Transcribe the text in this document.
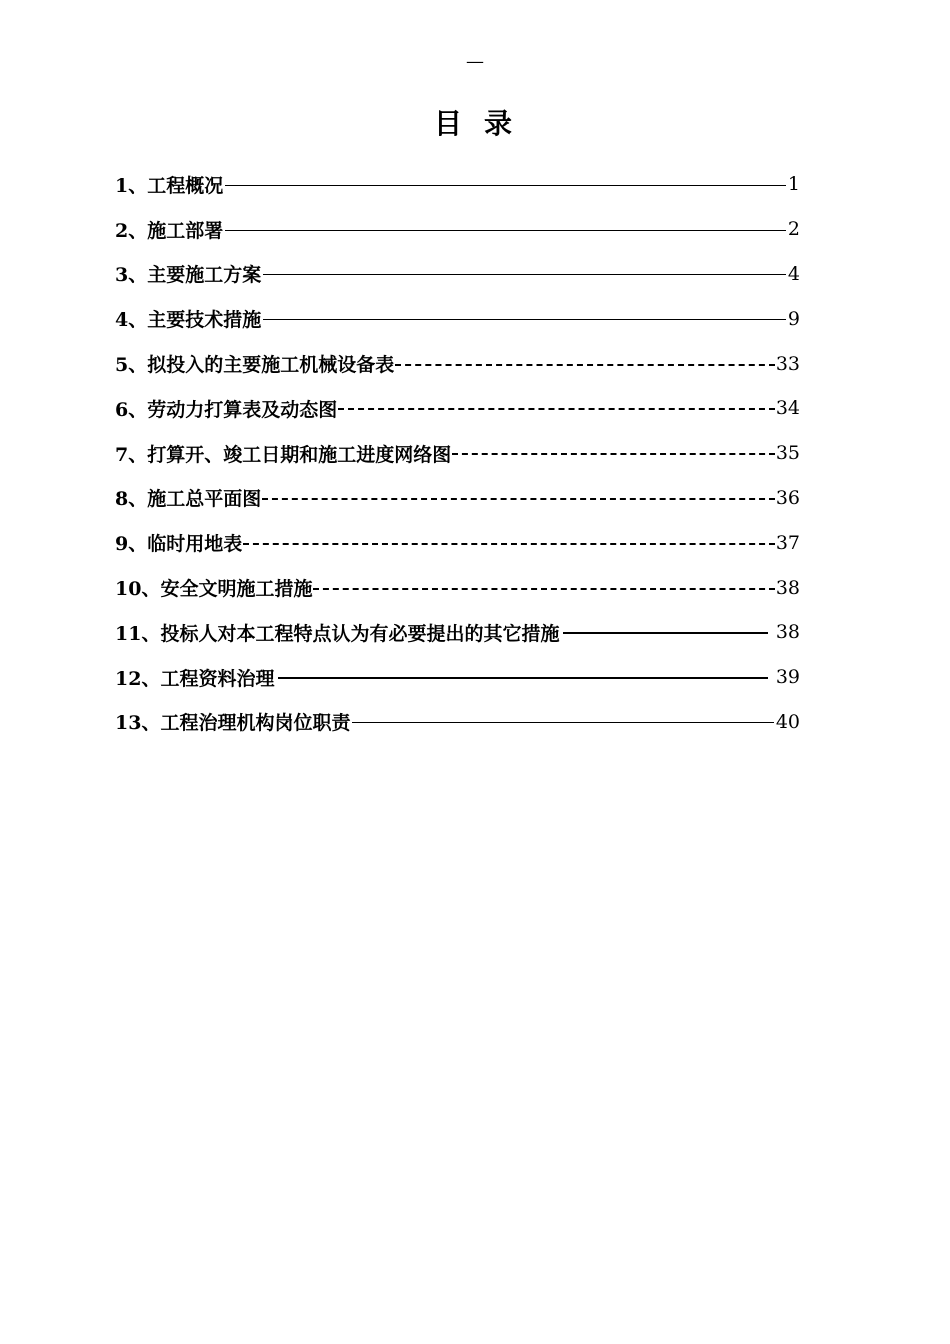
—
目录
1、工程概况	1
2、施工部署	2
3、主要施工方案	4
4、主要技术措施	9
5、拟投入的主要施工机械设备表	33
6、劳动力打算表及动态图	34
7、打算开、竣工日期和施工进度网络图	35
8、施工总平面图	36
9、临时用地表	37
10、安全文明施工措施	38
11、投标人对本工程特点认为有必要提出的其它措施	38
12、工程资料治理	39
13、工程治理机构岗位职责	40
